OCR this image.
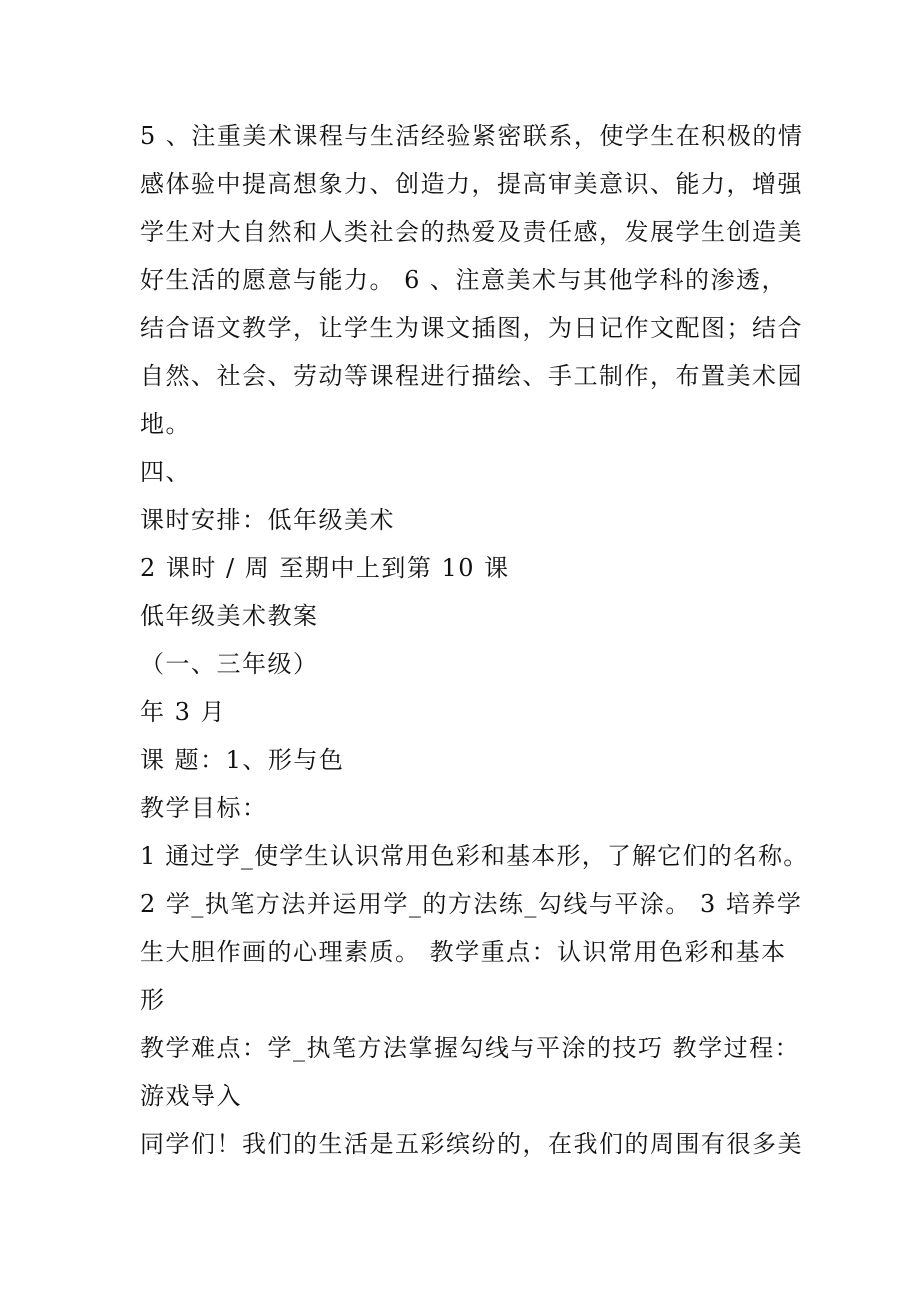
5 、注重美术课程与生活经验紧密联系，使学生在积极的情
感体验中提高想象力、创造力，提高审美意识、能力，增强
学生对大自然和人类社会的热爱及责任感，发展学生创造美
好生活的愿意与能力。 6 、注意美术与其他学科的渗透，
结合语文教学，让学生为课文插图，为日记作文配图；结合
自然、社会、劳动等课程进行描绘、手工制作，布置美术园
地。
四、
课时安排：低年级美术
2 课时 / 周 至期中上到第 10 课
低年级美术教案
（一、三年级）
年 3 月
课 题：1、形与色
教学目标：
1 通过学_使学生认识常用色彩和基本形，了解它们的名称。
2 学_执笔方法并运用学_的方法练_勾线与平涂。 3 培养学
生大胆作画的心理素质。 教学重点：认识常用色彩和基本
形
教学难点：学_执笔方法掌握勾线与平涂的技巧 教学过程：
游戏导入
同学们！我们的生活是五彩缤纷的，在我们的周围有很多美
